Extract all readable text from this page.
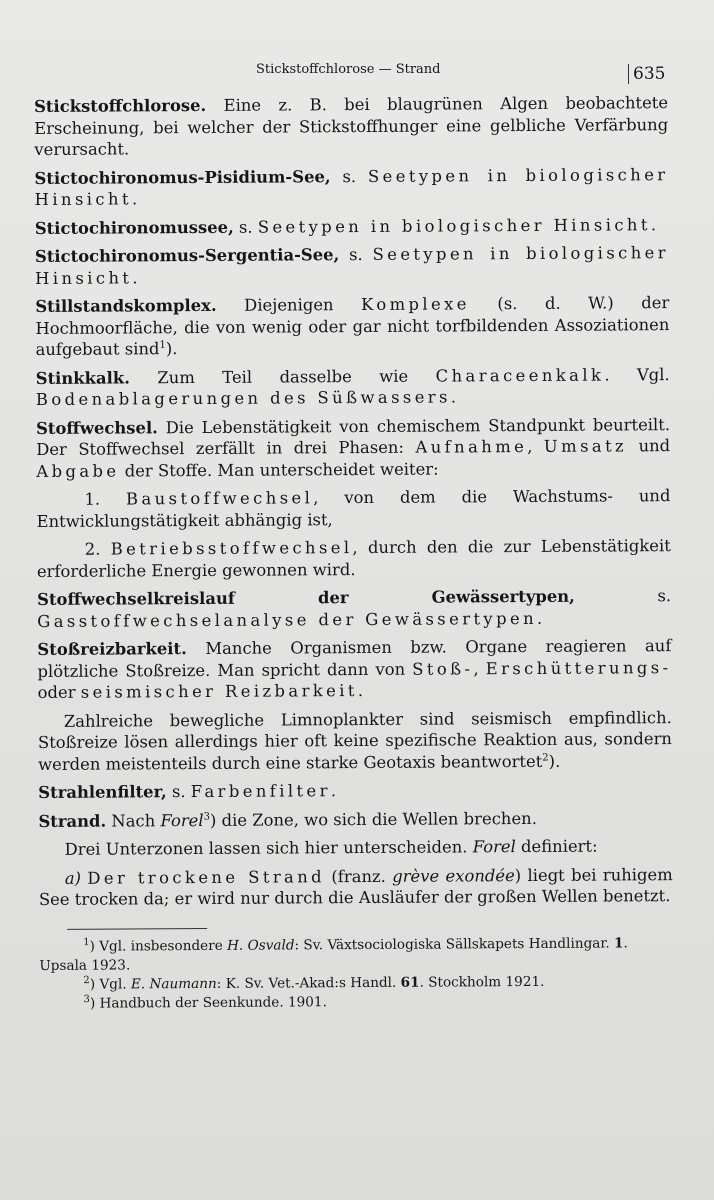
Stickstoffchlorose — Strand	635

Stickstoffchlorose. Eine z. B. bei blaugrünen Algen beobachtete Erscheinung, bei welcher der Stickstoffhunger eine gelbliche Verfärbung verursacht.

Stictochironomus-Pisidium-See, s. Seetypen in biologischer Hinsicht.

Stictochironomussee, s. Seetypen in biologischer Hinsicht.

Stictochironomus-Sergentia-See, s. Seetypen in biologischer Hinsicht.

Stillstandskomplex. Diejenigen Komplexe (s. d. W.) der Hochmoorfläche, die von wenig oder gar nicht torfbildenden Assoziationen aufgebaut sind$^1$).

Stinkkalk. Zum Teil dasselbe wie Characeenkalk. Vgl. Bodenablagerungen des Süßwassers.

Stoffwechsel. Die Lebenstätigkeit von chemischem Standpunkt beurteilt. Der Stoffwechsel zerfällt in drei Phasen: Aufnahme, Umsatz und Abgabe der Stoffe. Man unterscheidet weiter:

1. Baustoffwechsel, von dem die Wachstums- und Entwicklungstätigkeit abhängig ist,

2. Betriebsstoffwechsel, durch den die zur Lebenstätigkeit erforderliche Energie gewonnen wird.

Stoffwechselkreislauf der Gewässertypen, s. Gasstoffwechselanalyse der Gewässertypen.

Stoßreizbarkeit. Manche Organismen bzw. Organe reagieren auf plötzliche Stoßreize. Man spricht dann von Stoß-, Erschütterungs- oder seismischer Reizbarkeit.

Zahlreiche bewegliche Limnoplankter sind seismisch empfindlich. Stoßreize lösen allerdings hier oft keine spezifische Reaktion aus, sondern werden meistenteils durch eine starke Geotaxis beantwortet$^2$).

Strahlenfilter, s. Farbenfilter.

Strand. Nach Forel$^3$) die Zone, wo sich die Wellen brechen.

Drei Unterzonen lassen sich hier unterscheiden. Forel definiert:

a) Der trockene Strand (franz. grève exondée) liegt bei ruhigem See trocken da; er wird nur durch die Ausläufer der großen Wellen benetzt.

$^1$) Vgl. insbesondere H. Osvald: Sv. Växtsociologiska Sällskapets Handlingar. 1. Upsala 1923.

$^2$) Vgl. E. Naumann: K. Sv. Vet.-Akad:s Handl. 61. Stockholm 1921.

$^3$) Handbuch der Seenkunde. 1901.
